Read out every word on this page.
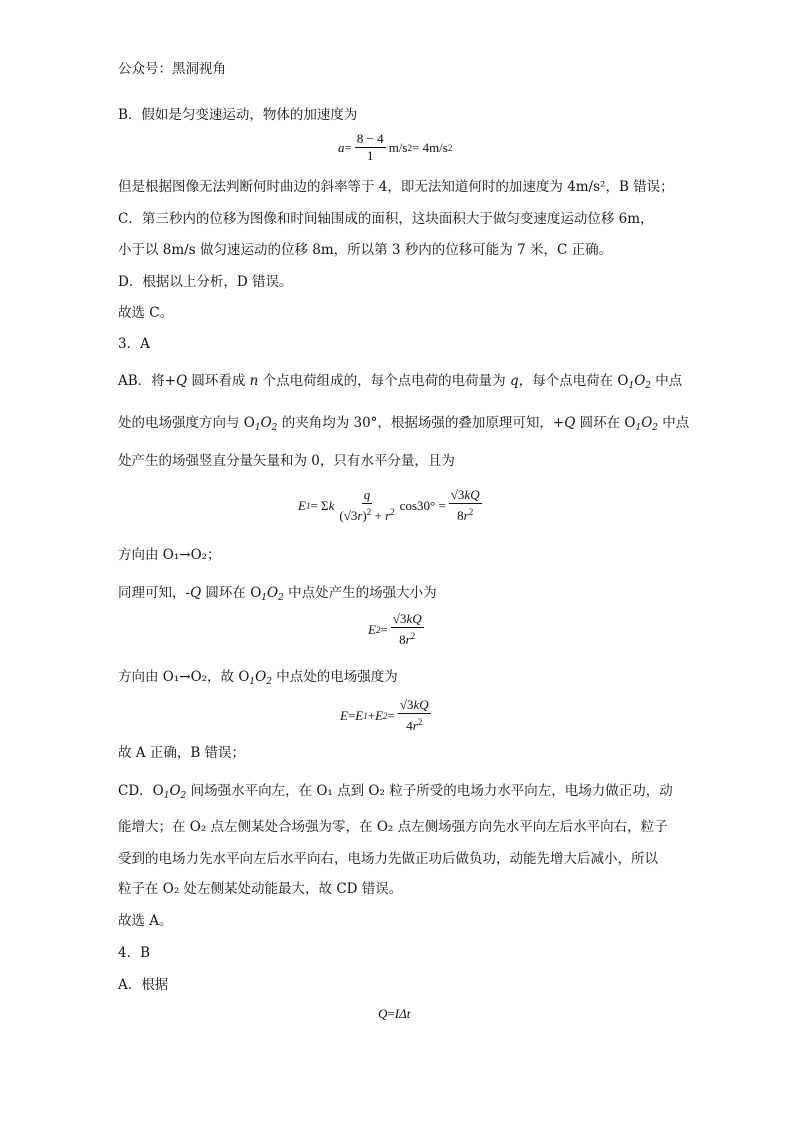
公众号：黑洞视角
B．假如是匀变速运动，物体的加速度为
$a = \frac{8 - 4}{1} m/s$ 2 = 4m/s 2
但是根据图像无法判断何时曲边的斜率等于 4，即无法知道何时的加速度为 4m/s²，B 错误；
C．第三秒内的位移为图像和时间轴围成的面积，这块面积大于做匀变速度运动位移 6m，
小于以 8m/s 做匀速运动的位移 8m，所以第 3 秒内的位移可能为 7 米，C 正确。
D．根据以上分析，D 错误。
故选 C。
3．A
AB．将+Q 圆环看成 n 个点电荷组成的，每个点电荷的电荷量为 q，每个点电荷在 $O_1O_2$ 中点
处的电场强度方向与 $O_1O_2$ 的夹角均为 30°，根据场强的叠加原理可知，+Q 圆环在 $O_1O_2$ 中点
处产生的场强竖直分量矢量和为 0，只有水平分量，且为
E 1 = Σ k $\frac{q}{(√3r)^2 + r^2} \cos 30^\circ = \frac{√3kQ}{8r^2}$
方向由 O₁→O₂；
同理可知，-Q 圆环在 $O_1O_2$ 中点处产生的场强大小为
E $2 = \frac{√3kQ}{8r^2}$
方向由 O₁→O₂，故 $O_1O_2$ 中点处的电场强度为
E = E 1 + E $2 = \frac{√3kQ}{4r^2}$
故 A 正确，B 错误；
CD．$O_1O_2$ 间场强水平向左，在 O₁ 点到 O₂ 粒子所受的电场力水平向左，电场力做正功，动
能增大；在 O₂ 点左侧某处合场强为零，在 O₂ 点左侧场强方向先水平向左后水平向右，粒子
受到的电场力先水平向左后水平向右，电场力先做正功后做负功，动能先增大后减小，所以
粒子在 O₂ 处左侧某处动能最大，故 CD 错误。
故选 A。
4．B
A．根据
Q = I Δt
